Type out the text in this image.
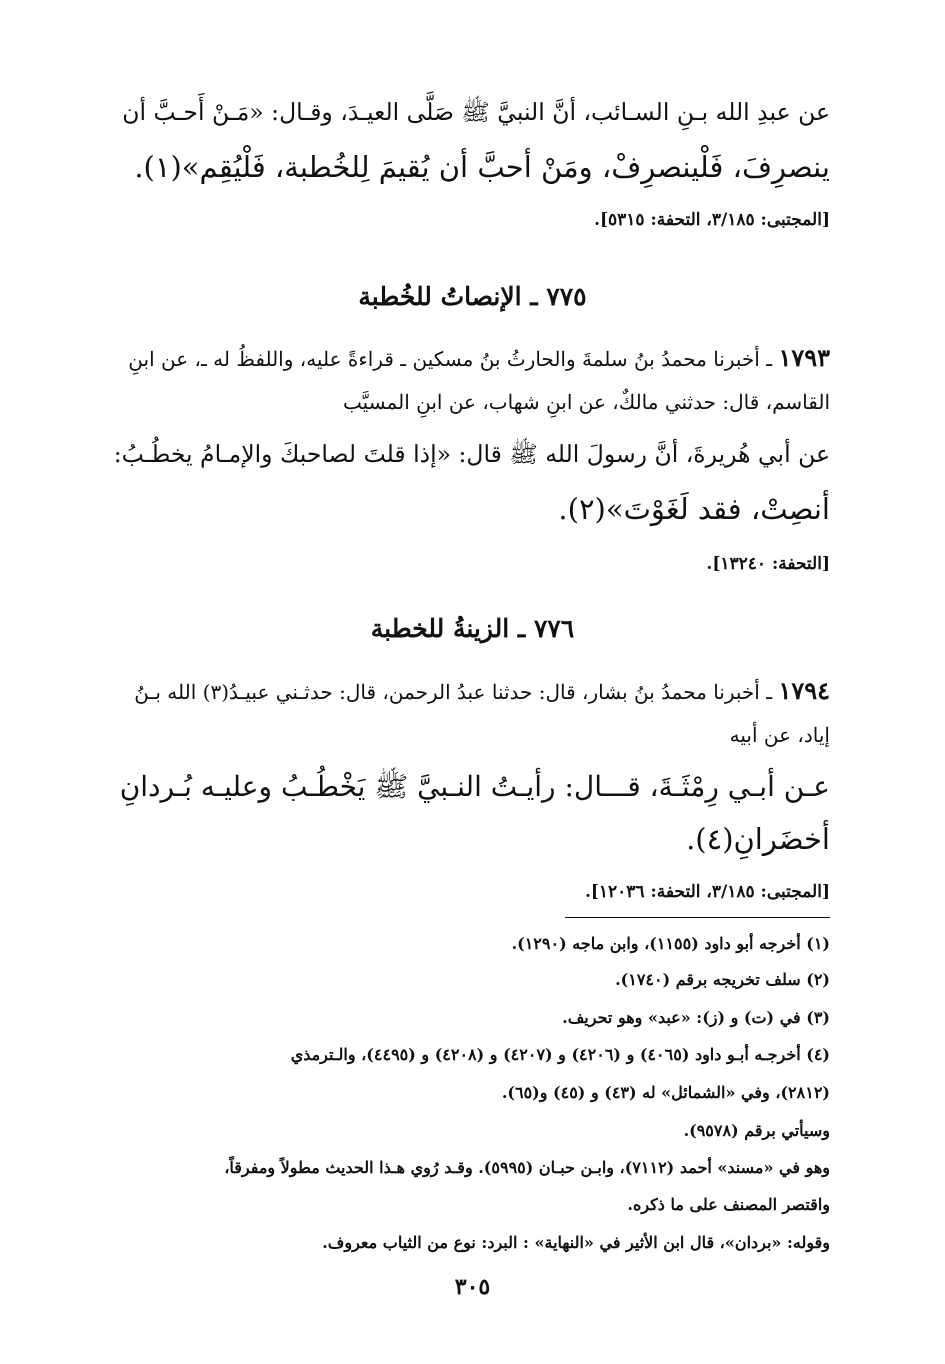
عن عبدِ الله بـنِ السـائب، أنَّ النبيَّ ﷺ صَلَّى العيـدَ، وقـال: «مَـنْ أَحـبَّ أن
ينصرِفَ، فَلْينصرِفْ، ومَنْ أحبَّ أن يُقيمَ لِلخُطبة، فَلْيُقِم»(١).
[المجتبى: ٣/١٨٥، التحفة: ٥٣١٥].
٧٧٥ ـ الإنصاتُ للخُطبة
١٧٩٣ ـ أخبرنا محمدُ بنُ سلمةَ والحارثُ بنُ مسكين ـ قراءةً عليه، واللفظُ له ـ، عن ابنِ
القاسم، قال: حدثني مالكٌ، عن ابنِ شهاب، عن ابنِ المسيَّب
عن أبي هُريرةَ، أنَّ رسولَ الله ﷺ قال: «إذا قلتَ لصاحبكَ والإمـامُ يخطُـبُ:
أنصِتْ، فقد لَغَوْتَ»(٢).
[التحفة: ١٣٢٤٠].
٧٧٦ ـ الزينةُ للخطبة
١٧٩٤ ـ أخبرنا محمدُ بنُ بشار، قال: حدثنا عبدُ الرحمن، قال: حدثـني عبيـدُ(٣) الله بـنُ
إياد، عن أبيه
عـن أبـي رِمْثَـةَ، قـــال: رأيـتُ النـبيَّ ﷺ يَخْطُـبُ وعليـه بُـردانِ
أخضَرانِ(٤).
[المجتبى: ٣/١٨٥، التحفة: ١٢٠٣٦].
(١) أخرجه أبو داود (١١٥٥)، وابن ماجه (١٢٩٠).
(٢) سلف تخريجه برقم (١٧٤٠).
(٣) في (ت) و (ز): «عبد» وهو تحريف.
(٤) أخرجـه أبـو داود (٤٠٦٥) و (٤٢٠٦) و (٤٢٠٧) و (٤٢٠٨) و (٤٤٩٥)، والـترمذي
(٢٨١٢)، وفي «الشمائل» له (٤٣) و (٤٥) و(٦٥).
وسيأتي برقم (٩٥٧٨).
وهو في «مسند» أحمد (٧١١٢)، وابـن حبـان (٥٩٩٥). وقـد رُوي هـذا الحديث مطولاً ومفرقاً،
واقتصر المصنف على ما ذكره.
وقوله: «بردان»، قال ابن الأثير في «النهاية» : البرد: نوع من الثياب معروف.
٣٠٥
